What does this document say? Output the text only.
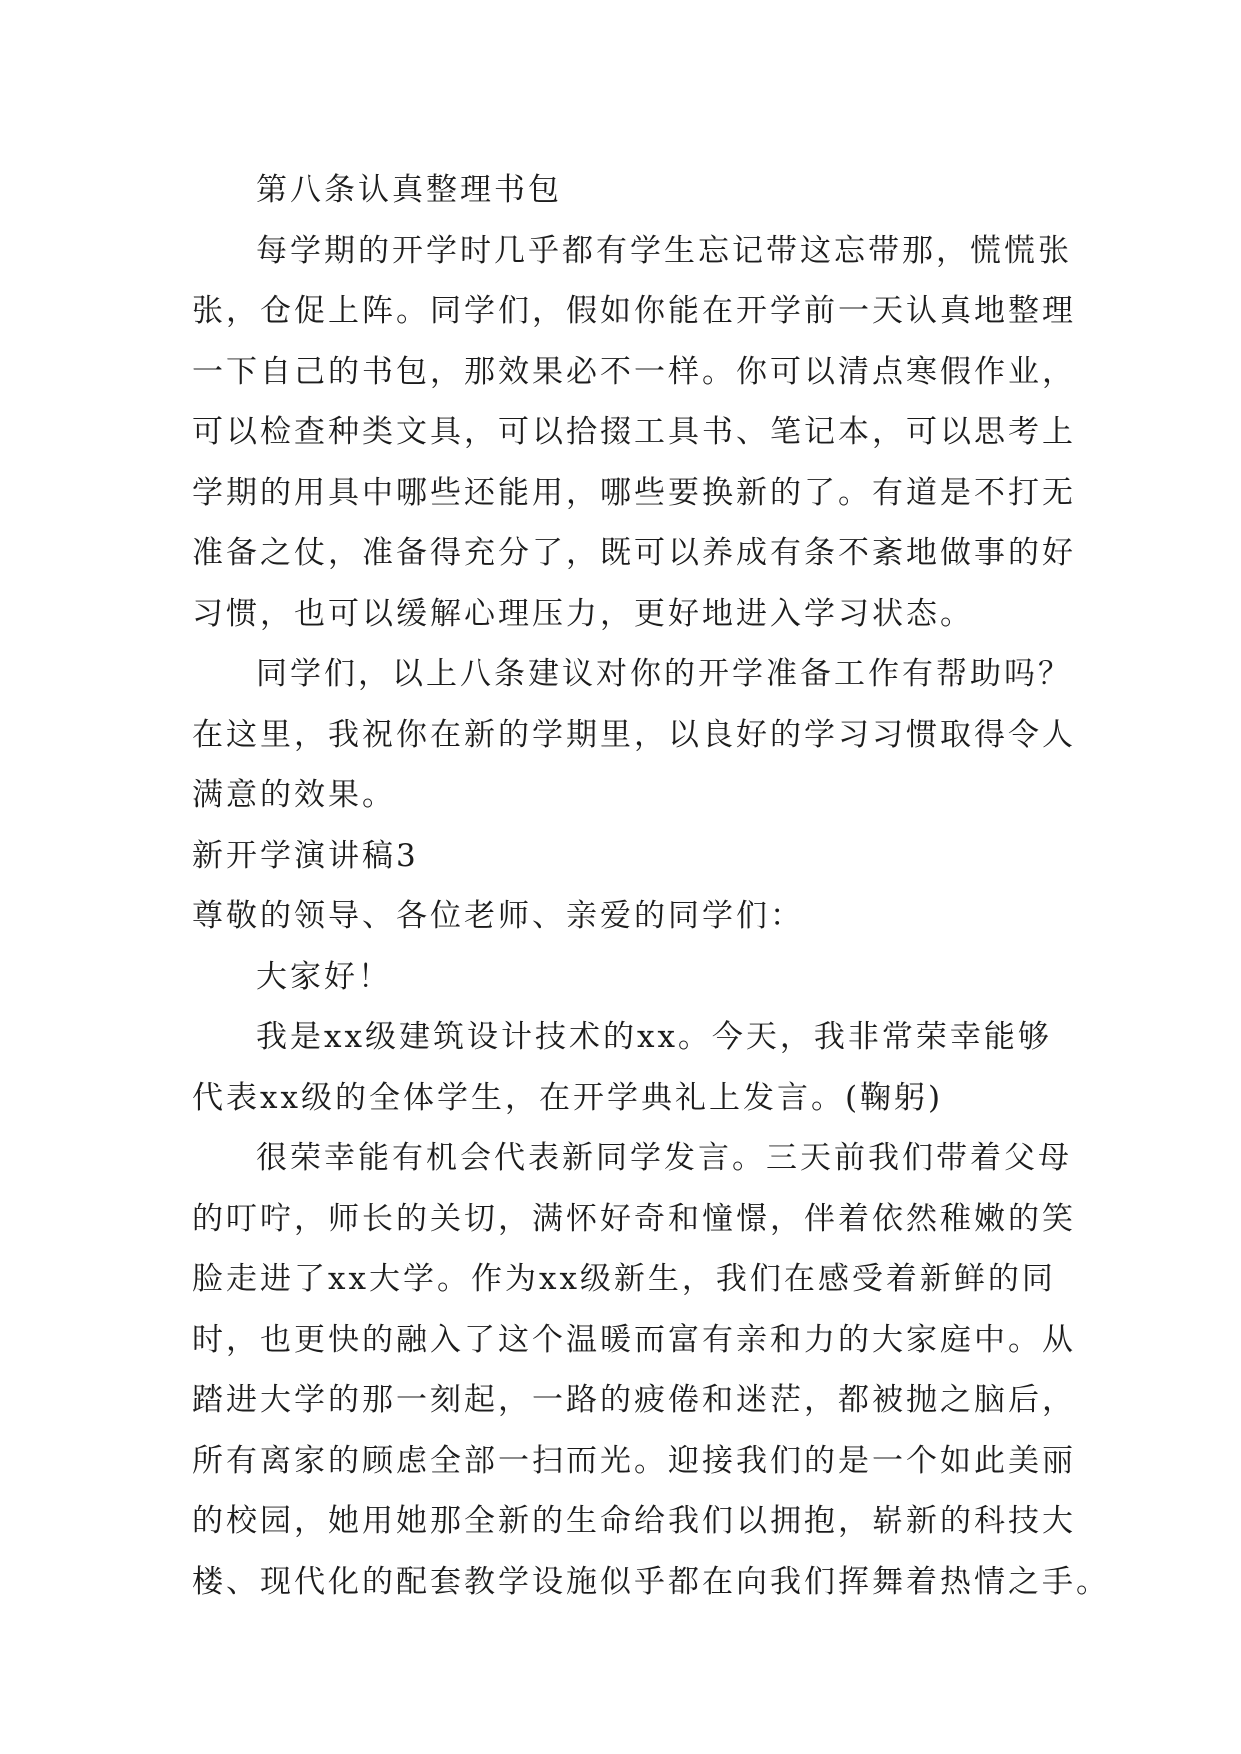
第八条认真整理书包
每学期的开学时几乎都有学生忘记带这忘带那，慌慌张
张，仓促上阵。同学们，假如你能在开学前一天认真地整理
一下自己的书包，那效果必不一样。你可以清点寒假作业，
可以检查种类文具，可以拾掇工具书、笔记本，可以思考上
学期的用具中哪些还能用，哪些要换新的了。有道是不打无
准备之仗，准备得充分了，既可以养成有条不紊地做事的好
习惯，也可以缓解心理压力，更好地进入学习状态。
同学们，以上八条建议对你的开学准备工作有帮助吗？
在这里，我祝你在新的学期里，以良好的学习习惯取得令人
满意的效果。
新开学演讲稿3
尊敬的领导、各位老师、亲爱的同学们：
大家好！
我是xx级建筑设计技术的xx。今天，我非常荣幸能够
代表xx级的全体学生，在开学典礼上发言。(鞠躬)
很荣幸能有机会代表新同学发言。三天前我们带着父母
的叮咛，师长的关切，满怀好奇和憧憬，伴着依然稚嫩的笑
脸走进了xx大学。作为xx级新生，我们在感受着新鲜的同
时，也更快的融入了这个温暖而富有亲和力的大家庭中。从
踏进大学的那一刻起，一路的疲倦和迷茫，都被抛之脑后，
所有离家的顾虑全部一扫而光。迎接我们的是一个如此美丽
的校园，她用她那全新的生命给我们以拥抱，崭新的科技大
楼、现代化的配套教学设施似乎都在向我们挥舞着热情之手。
